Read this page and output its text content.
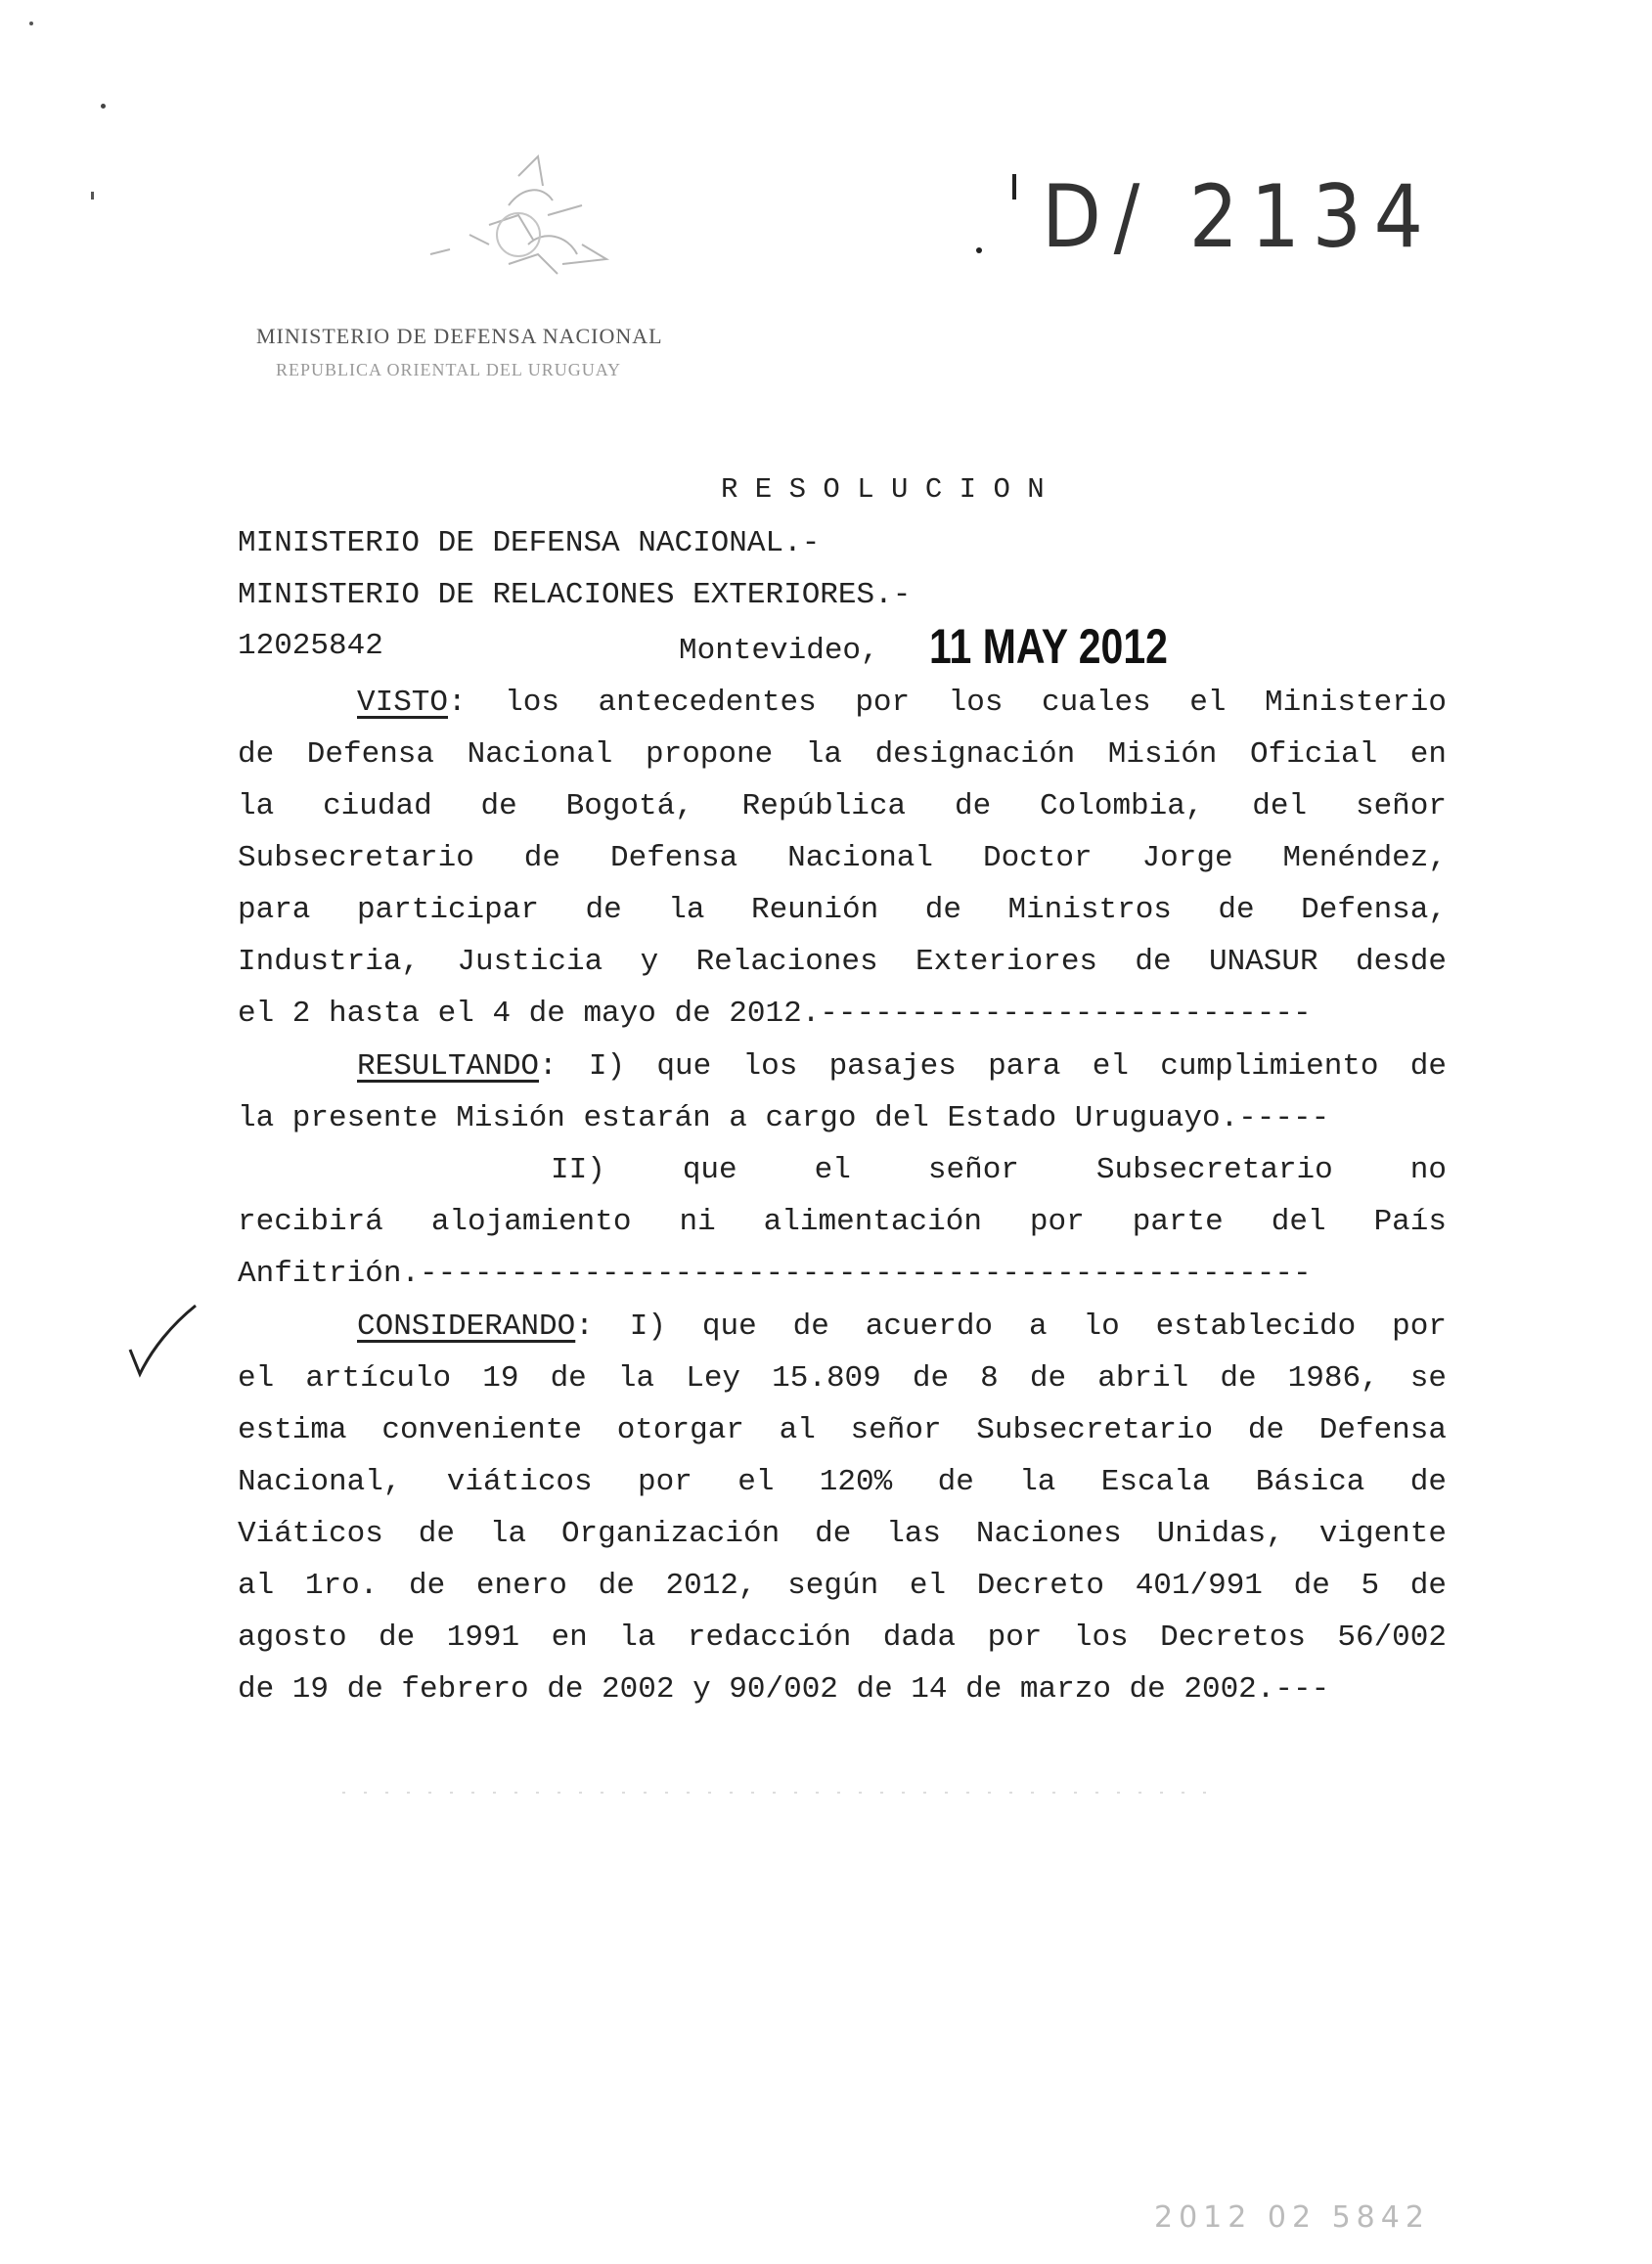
MINISTERIO DE DEFENSA NACIONAL
REPUBLICA ORIENTAL DEL URUGUAY
D/ 2134
R E S O L U C I O N
MINISTERIO DE DEFENSA NACIONAL.-
MINISTERIO DE RELACIONES EXTERIORES.-
12025842	Montevideo, 11 MAY 2012
VISTO: los antecedentes por los cuales el Ministerio
de Defensa Nacional propone la designación Misión Oficial en
la ciudad de Bogotá, República de Colombia, del señor
Subsecretario de Defensa Nacional Doctor Jorge Menéndez,
para participar de la Reunión de Ministros de Defensa,
Industria, Justicia y Relaciones Exteriores de UNASUR desde
el 2 hasta el 4 de mayo de 2012.---------------------------
RESULTANDO: I) que los pasajes para el cumplimiento de
la presente Misión estarán a cargo del Estado Uruguayo.-----
II) que el señor Subsecretario no
recibirá alojamiento ni alimentación por parte del País
Anfitrión.-------------------------------------------------
CONSIDERANDO: I) que de acuerdo a lo establecido por
el artículo 19 de la Ley 15.809 de 8 de abril de 1986, se
estima conveniente otorgar al señor Subsecretario de Defensa
Nacional, viáticos por el 120% de la Escala Básica de
Viáticos de la Organización de las Naciones Unidas, vigente
al 1ro. de enero de 2012, según el Decreto 401/991 de 5 de
agosto de 1991 en la redacción dada por los Decretos 56/002
de 19 de febrero de 2002 y 90/002 de 14 de marzo de 2002.---
2012 02 5842
